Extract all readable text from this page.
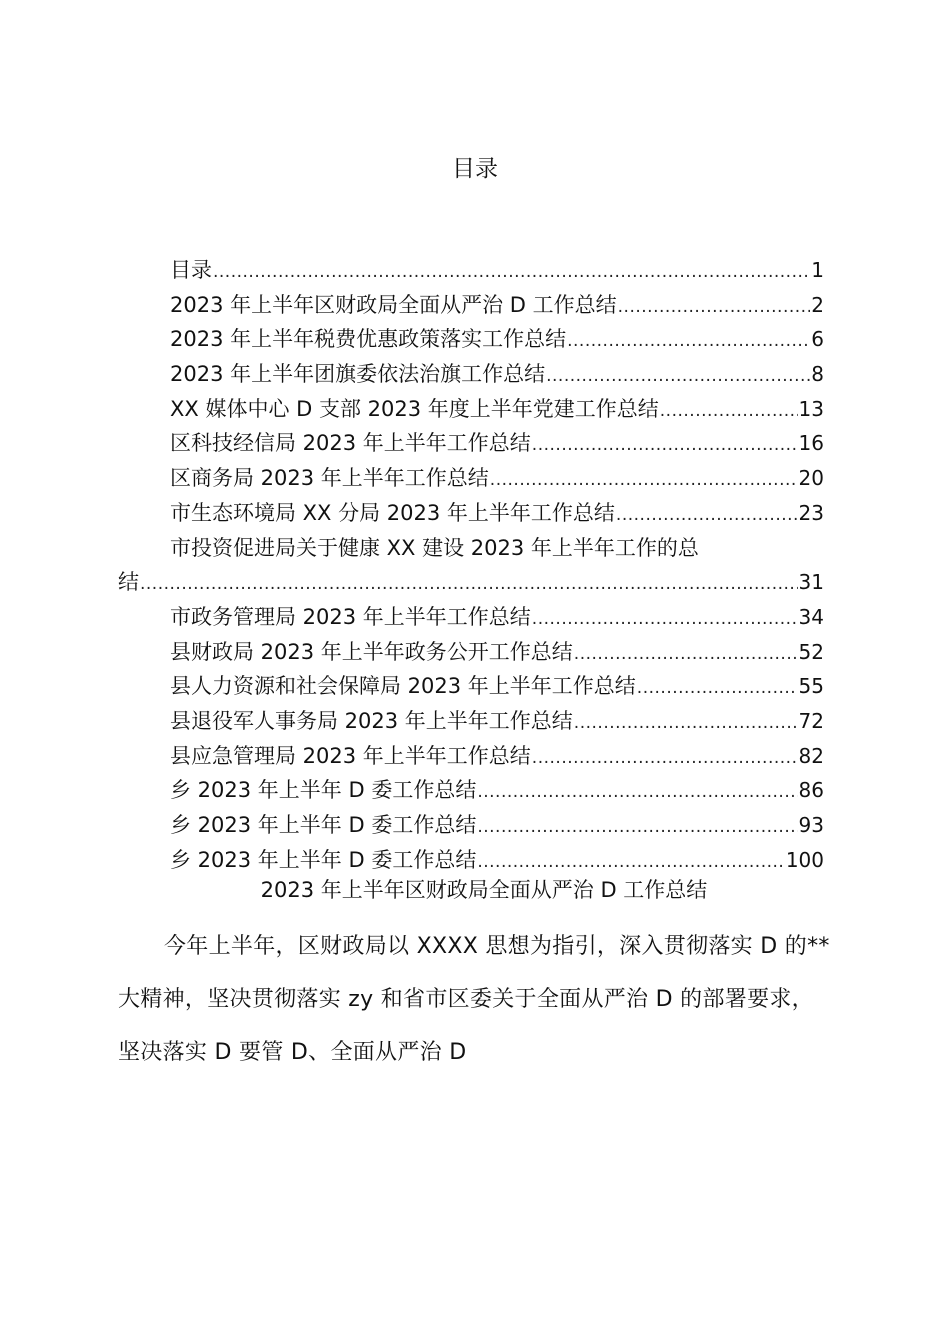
目录
目录 .....	1
2023 年上半年区财政局全面从严治 D 工作总结 .....	2
2023 年上半年税费优惠政策落实工作总结 .....	6
2023 年上半年团旗委依法治旗工作总结 .....	8
XX 媒体中心 D 支部 2023 年度上半年党建工作总结 .....	13
区科技经信局 2023 年上半年工作总结 .....	16
区商务局 2023 年上半年工作总结 .....	20
市生态环境局 XX 分局 2023 年上半年工作总结 .....	23
市投资促进局关于健康 XX 建设 2023 年上半年工作的总
结 .....	31
市政务管理局 2023 年上半年工作总结 .....	34
县财政局 2023 年上半年政务公开工作总结 .....	52
县人力资源和社会保障局 2023 年上半年工作总结 .....	55
县退役军人事务局 2023 年上半年工作总结 .....	72
县应急管理局 2023 年上半年工作总结 .....	82
乡 2023 年上半年 D 委工作总结 .....	86
乡 2023 年上半年 D 委工作总结 .....	93
乡 2023 年上半年 D 委工作总结 .....	100
2023 年上半年区财政局全面从严治 D 工作总结
今年上半年，区财政局以 XXXX 思想为指引，深入贯彻落实 D 的**大精神，坚决贯彻落实 zy 和省市区委关于全面从严治 D 的部署要求，坚决落实 D 要管 D、全面从严治 D
